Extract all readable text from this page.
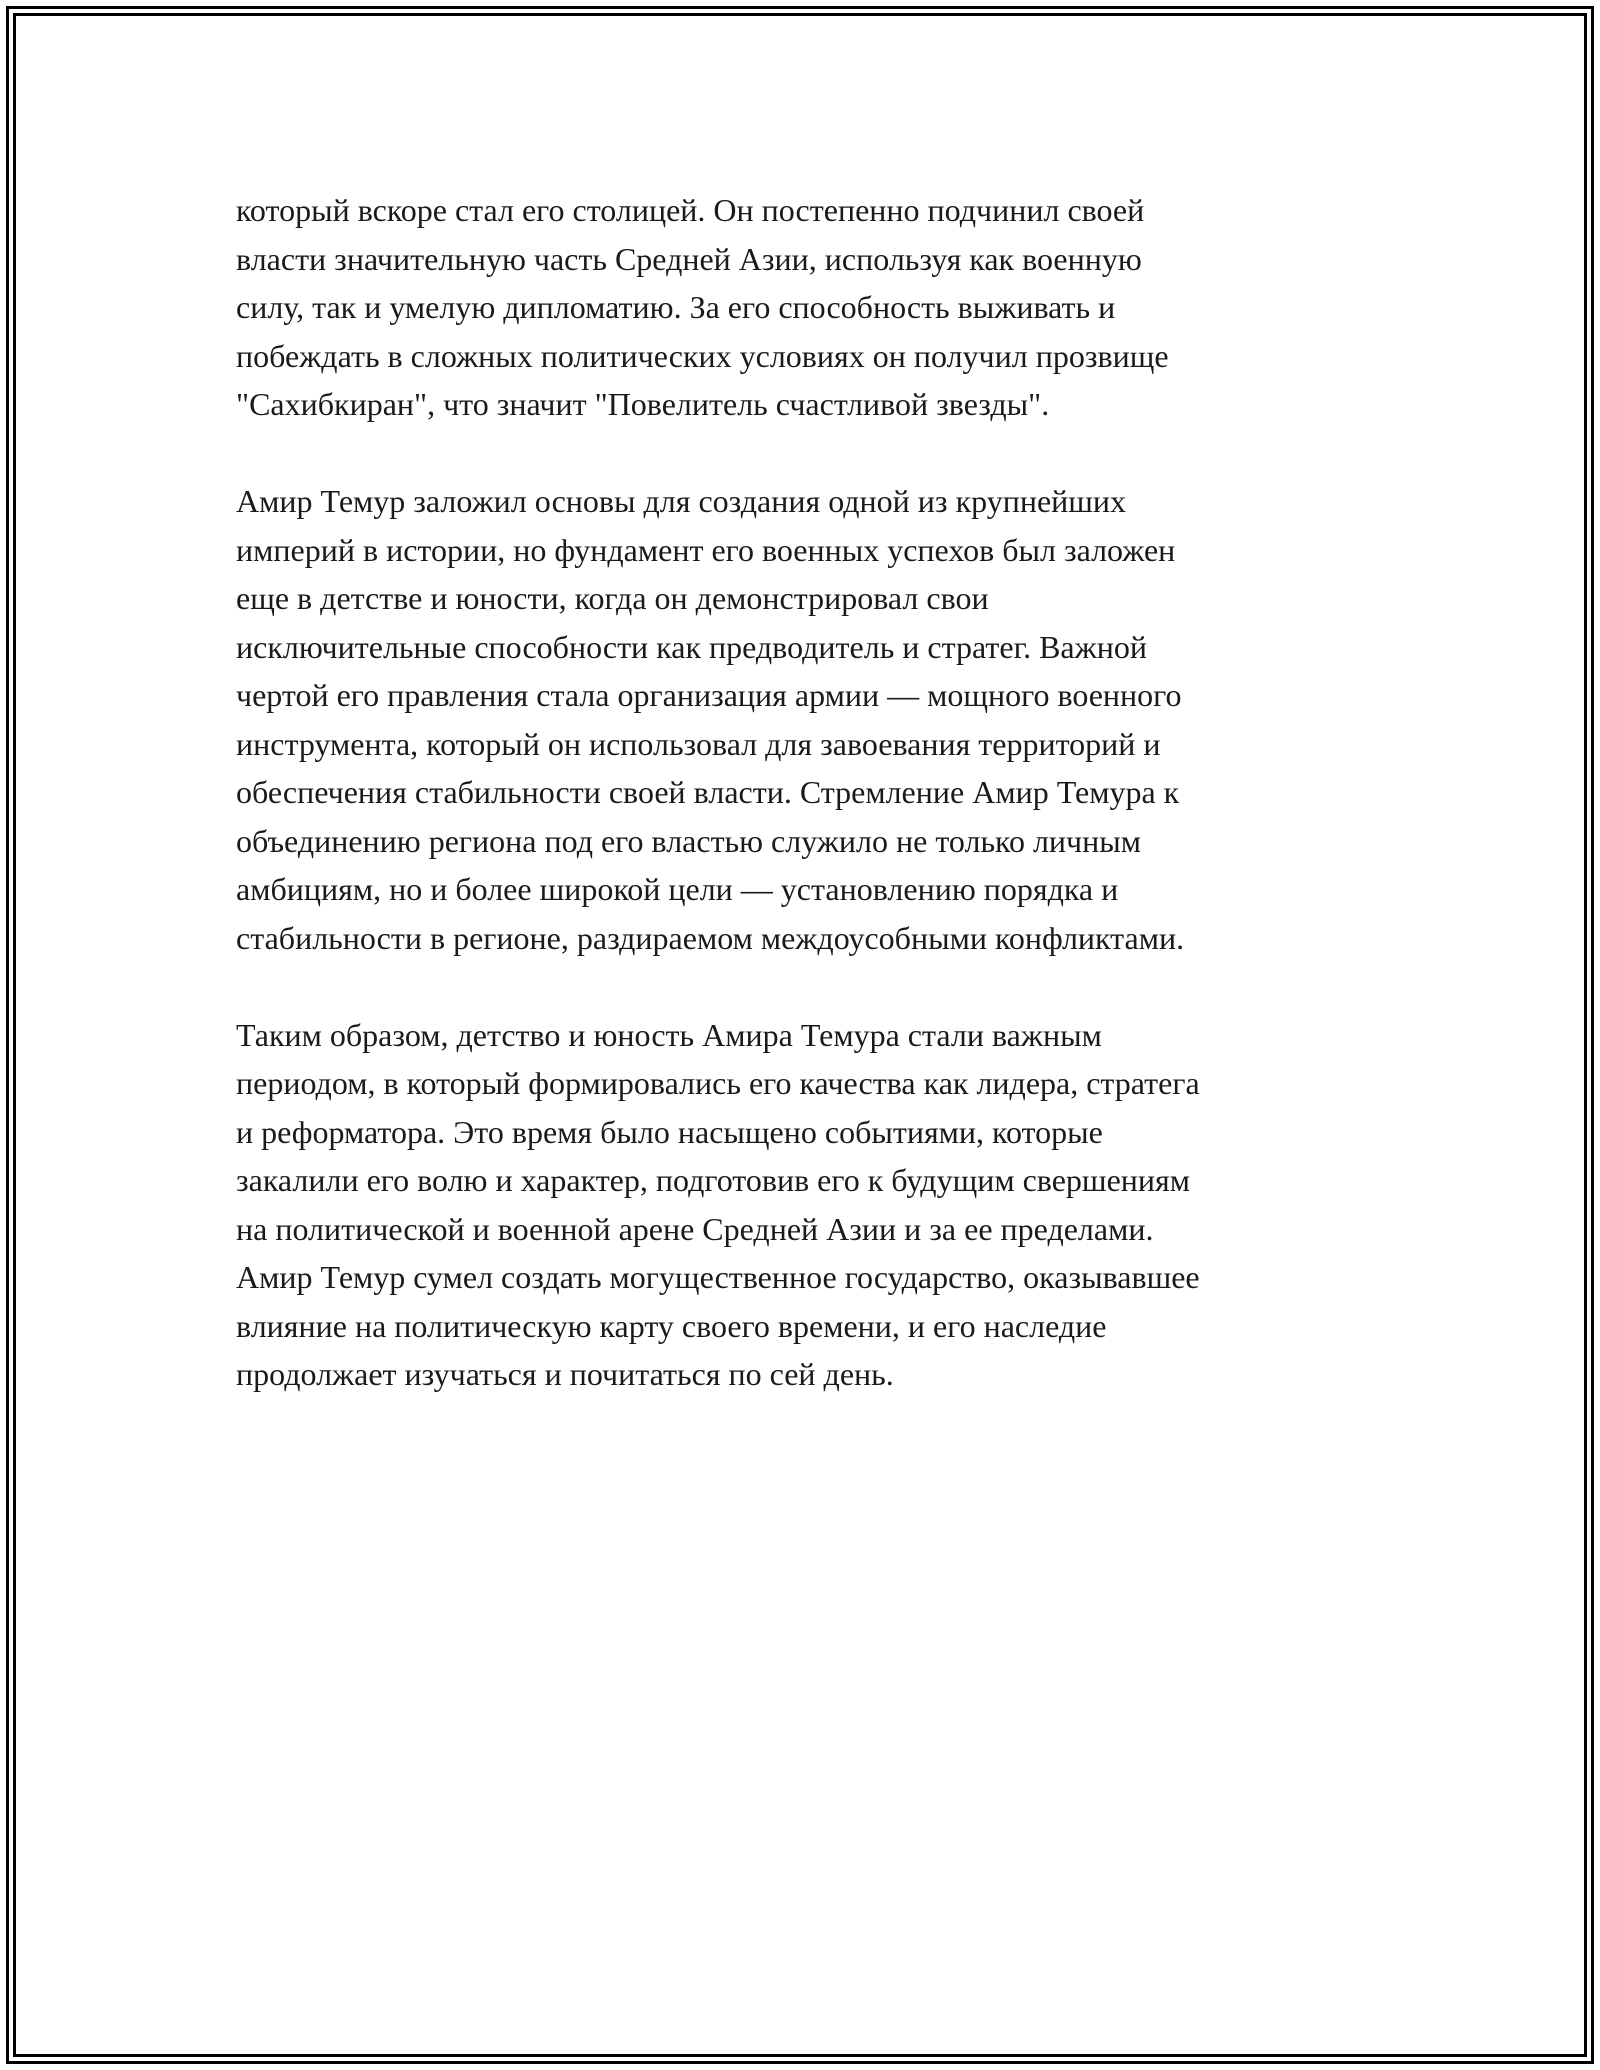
который вскоре стал его столицей. Он постепенно подчинил своей
власти значительную часть Средней Азии, используя как военную
силу, так и умелую дипломатию. За его способность выживать и
побеждать в сложных политических условиях он получил прозвище
"Сахибкиран", что значит "Повелитель счастливой звезды".

Амир Темур заложил основы для создания одной из крупнейших
империй в истории, но фундамент его военных успехов был заложен
еще в детстве и юности, когда он демонстрировал свои
исключительные способности как предводитель и стратег. Важной
чертой его правления стала организация армии — мощного военного
инструмента, который он использовал для завоевания территорий и
обеспечения стабильности своей власти. Стремление Амир Темура к
объединению региона под его властью служило не только личным
амбициям, но и более широкой цели — установлению порядка и
стабильности в регионе, раздираемом междоусобными конфликтами.

Таким образом, детство и юность Амира Темура стали важным
периодом, в который формировались его качества как лидера, стратега
и реформатора. Это время было насыщено событиями, которые
закалили его волю и характер, подготовив его к будущим свершениям
на политической и военной арене Средней Азии и за ее пределами.
Амир Темур сумел создать могущественное государство, оказывавшее
влияние на политическую карту своего времени, и его наследие
продолжает изучаться и почитаться по сей день.
